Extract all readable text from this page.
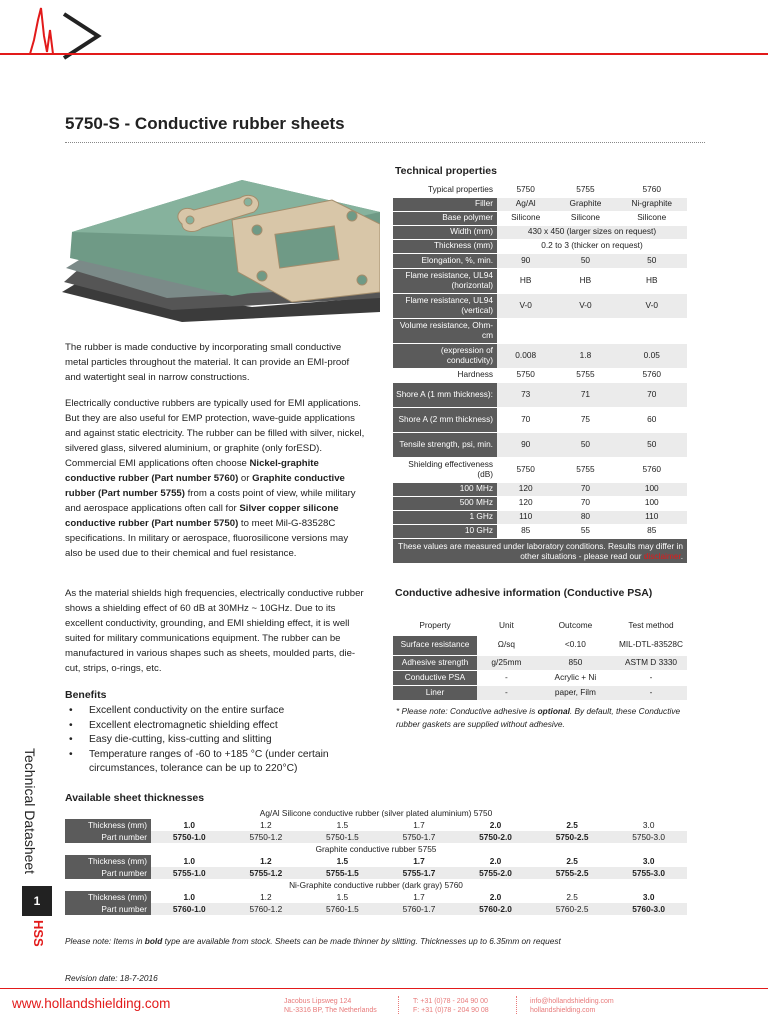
5750-S - Conductive rubber sheets
The rubber is made conductive by incorporating small conductive metal particles throughout the material. It can provide an EMI-proof and watertight seal in narrow constructions.
Electrically conductive rubbers are typically used for EMI applications. But they are also useful for EMP protection, wave-guide applications and against static electricity. The rubber can be filled with silver, nickel, silvered glass, silvered aluminium, or graphite (only forESD). Commercial EMI applications often choose Nickel-graphite conductive rubber (Part number 5760) or Graphite conductive rubber (Part number 5755) from a costs point of view, while military and aerospace applications often call for Silver copper silicone conductive rubber (Part number 5750) to meet Mil-G-83528C specifications. In military or aerospace, fluorosilicone versions may also be used due to their chemical and fuel resistance.
As the material shields high frequencies, electrically conductive rubber shows a shielding effect of 60 dB at 30MHz ~ 10GHz. Due to its excellent conductivity, grounding, and EMI shielding effect, it is well suited for military communications equipment. The rubber can be manufactured in various shapes such as sheets, moulded parts, die-cut, strips, o-rings, etc.
Benefits
• Excellent conductivity on the entire surface
• Excellent electromagnetic shielding effect
• Easy die-cutting, kiss-cutting and slitting
• Temperature ranges of -60 to +185 °C (under certain circumstances, tolerance can be up to 220°C)
Technical properties
Typical properties	5750	5755	5760
Filler	Ag/Al	Graphite	Ni-graphite
Base polymer	Silicone	Silicone	Silicone
Width (mm)	430 x 450 (larger sizes on request)		
Thickness (mm)	0.2 to 3 (thicker on request)		
Elongation, %, min.	90	50	50
Flame resistance, UL94 (horizontal)	HB	HB	HB
Flame resistance, UL94 (vertical)	V-0	V-0	V-0
Volume resistance, Ohm-cm			
(expression of conductivity)	0.008	1.8	0.05
Hardness	5750	5755	5760
Shore A (1 mm thickness):	73	71	70
Shore A (2 mm thickness)	70	75	60
Tensile strength, psi, min.	90	50	50
Shielding effectiveness (dB)	5750	5755	5760
100 MHz	120	70	100
500 MHz	120	70	100
1 GHz	110	80	110
10 GHz	85	55	85
These values are measured under laboratory conditions. Results may differ in other situations - please read our disclaimer.			
Conductive adhesive information (Conductive PSA)
Property	Unit	Outcome	Test method
Surface resistance	Ω/sq	<0.10	MIL-DTL-83528C
Adhesive strength	g/25mm	850	ASTM D 3330
Conductive PSA	-	Acrylic + Ni	-
Liner	-	paper, Film	-
* Please note: Conductive adhesive is optional. By default, these Conductive rubber gaskets are supplied without adhesive.
Available sheet thicknesses
Ag/Al Silicone conductive rubber (silver plated aluminium) 5750							
Thickness (mm)	1.0	1.2	1.5	1.7	2.0	2.5	3.0
Part number	5750-1.0	5750-1.2	5750-1.5	5750-1.7	5750-2.0	5750-2.5	5750-3.0
Graphite conductive rubber 5755							
Thickness (mm)	1.0	1.2	1.5	1.7	2.0	2.5	3.0
Part number	5755-1.0	5755-1.2	5755-1.5	5755-1.7	5755-2.0	5755-2.5	5755-3.0
Ni-Graphite conductive rubber (dark gray) 5760							
Thickness (mm)	1.0	1.2	1.5	1.7	2.0	2.5	3.0
Part number	5760-1.0	5760-1.2	5760-1.5	5760-1.7	5760-2.0	5760-2.5	5760-3.0
Please note: Items in bold type are available from stock. Sheets can be made thinner by slitting. Thicknesses up to 6.35mm on request
Revision date: 18-7-2016
Technical Datasheet
1
HSS
www.hollandshielding.com	Jacobus Lipsweg 124
NL-3316 BP, The Netherlands
T: +31 (0)78 - 204 90 00
F: +31 (0)78 - 204 90 08
info@hollandshielding.com
hollandshielding.com
